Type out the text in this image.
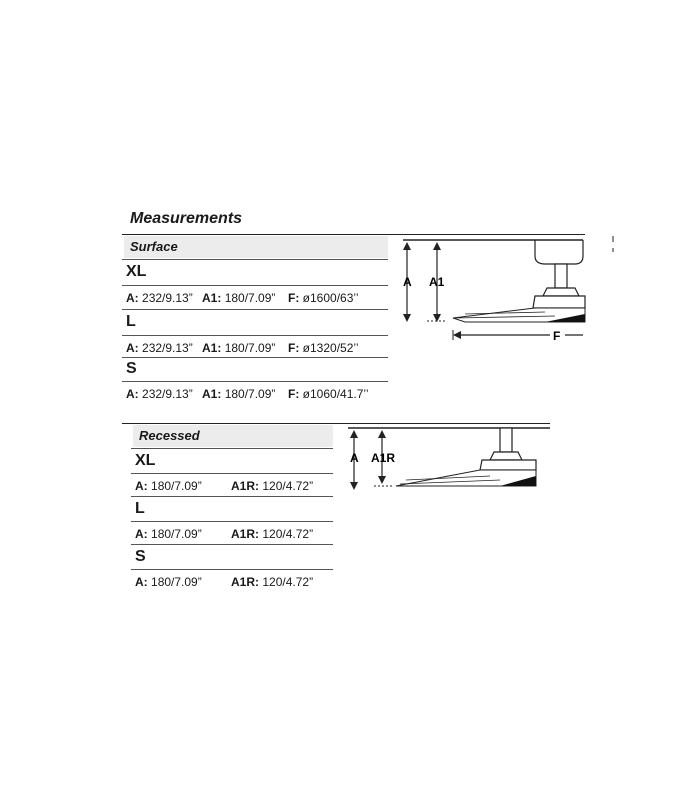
Measurements
Surface
XL
A: 232/9.13” A1: 180/7.09” F: ø1600/63’’
L
A: 232/9.13” A1: 180/7.09” F: ø1320/52’’
S
A: 232/9.13” A1: 180/7.09” F: ø1060/41.7’’
A A1
F
Recessed
XL
A: 180/7.09” A1R: 120/4.72”
L
A: 180/7.09” A1R: 120/4.72”
S
A: 180/7.09” A1R: 120/4.72”
A A1R
